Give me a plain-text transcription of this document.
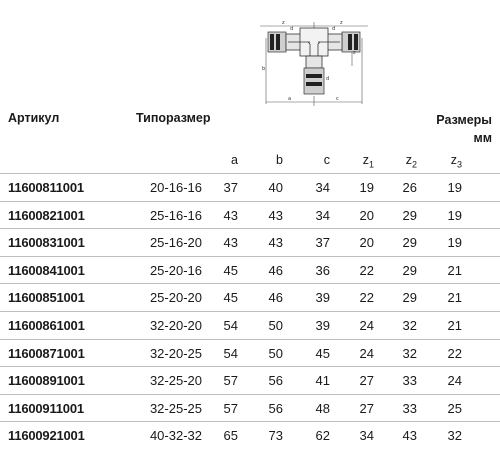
b
a	c
z
z	z
d	d
d
Артикул	Типоразмер	Размеры
мм
a	b	c	$z_1$	$z_2$	$z_3$
11600811001	20-16-16	37	40	34	19	26	19
11600821001	25-16-16	43	43	34	20	29	19
11600831001	25-16-20	43	43	37	20	29	19
11600841001	25-20-16	45	46	36	22	29	21
11600851001	25-20-20	45	46	39	22	29	21
11600861001	32-20-20	54	50	39	24	32	21
11600871001	32-20-25	54	50	45	24	32	22
11600891001	32-25-20	57	56	41	27	33	24
11600911001	32-25-25	57	56	48	27	33	25
11600921001	40-32-32	65	73	62	34	43	32
